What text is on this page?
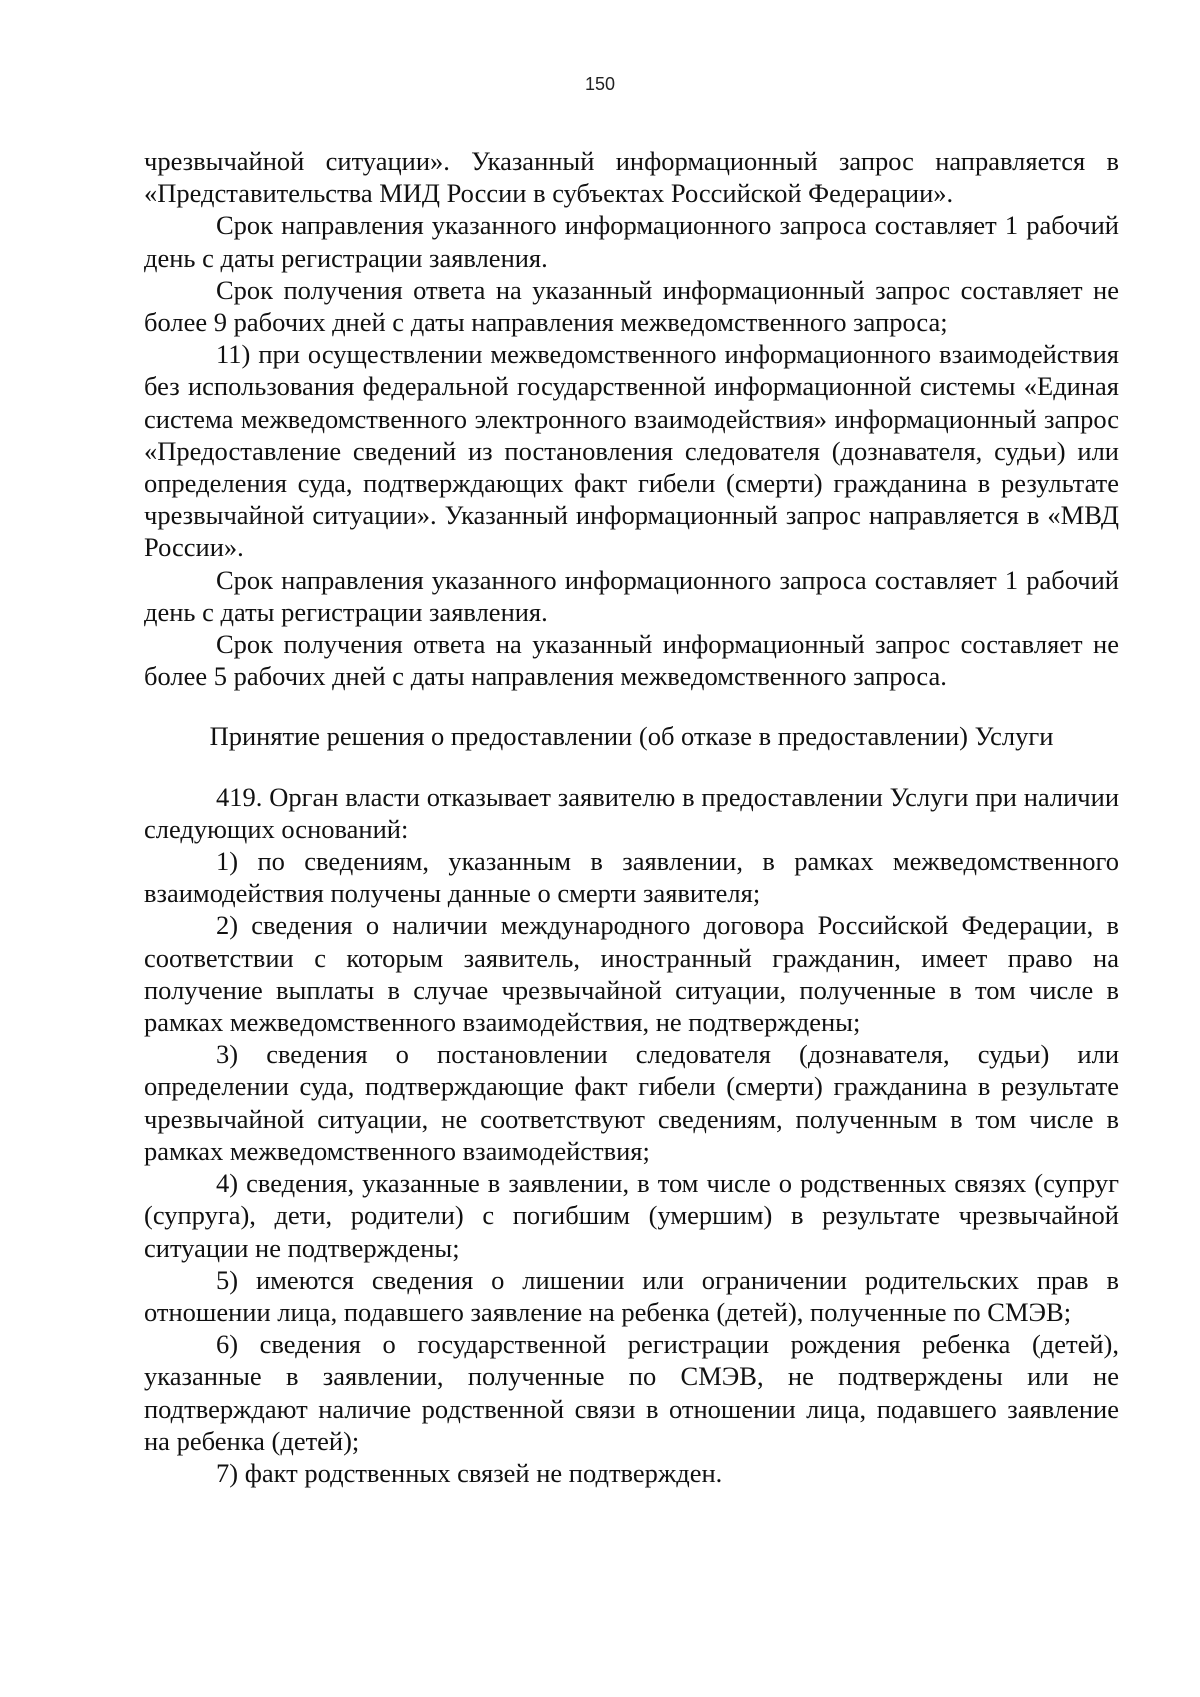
150

чрезвычайной ситуации». Указанный информационный запрос направляется в «Представительства МИД России в субъектах Российской Федерации».

Срок направления указанного информационного запроса составляет 1 рабочий день с даты регистрации заявления.

Срок получения ответа на указанный информационный запрос составляет не более 9 рабочих дней с даты направления межведомственного запроса;

11) при осуществлении межведомственного информационного взаимодействия без использования федеральной государственной информационной системы «Единая система межведомственного электронного взаимодействия» информационный запрос «Предоставление сведений из постановления следователя (дознавателя, судьи) или определения суда, подтверждающих факт гибели (смерти) гражданина в результате чрезвычайной ситуации». Указанный информационный запрос направляется в «МВД России».

Срок направления указанного информационного запроса составляет 1 рабочий день с даты регистрации заявления.

Срок получения ответа на указанный информационный запрос составляет не более 5 рабочих дней с даты направления межведомственного запроса.

Принятие решения о предоставлении (об отказе в предоставлении) Услуги

419. Орган власти отказывает заявителю в предоставлении Услуги при наличии следующих оснований:

1) по сведениям, указанным в заявлении, в рамках межведомственного взаимодействия получены данные о смерти заявителя;

2) сведения о наличии международного договора Российской Федерации, в соответствии с которым заявитель, иностранный гражданин, имеет право на получение выплаты в случае чрезвычайной ситуации, полученные в том числе в рамках межведомственного взаимодействия, не подтверждены;

3) сведения о постановлении следователя (дознавателя, судьи) или определении суда, подтверждающие факт гибели (смерти) гражданина в результате чрезвычайной ситуации, не соответствуют сведениям, полученным в том числе в рамках межведомственного взаимодействия;

4) сведения, указанные в заявлении, в том числе о родственных связях (супруг (супруга), дети, родители) с погибшим (умершим) в результате чрезвычайной ситуации не подтверждены;

5) имеются сведения о лишении или ограничении родительских прав в отношении лица, подавшего заявление на ребенка (детей), полученные по СМЭВ;

6) сведения о государственной регистрации рождения ребенка (детей), указанные в заявлении, полученные по СМЭВ, не подтверждены или не подтверждают наличие родственной связи в отношении лица, подавшего заявление на ребенка (детей);

7) факт родственных связей не подтвержден.
